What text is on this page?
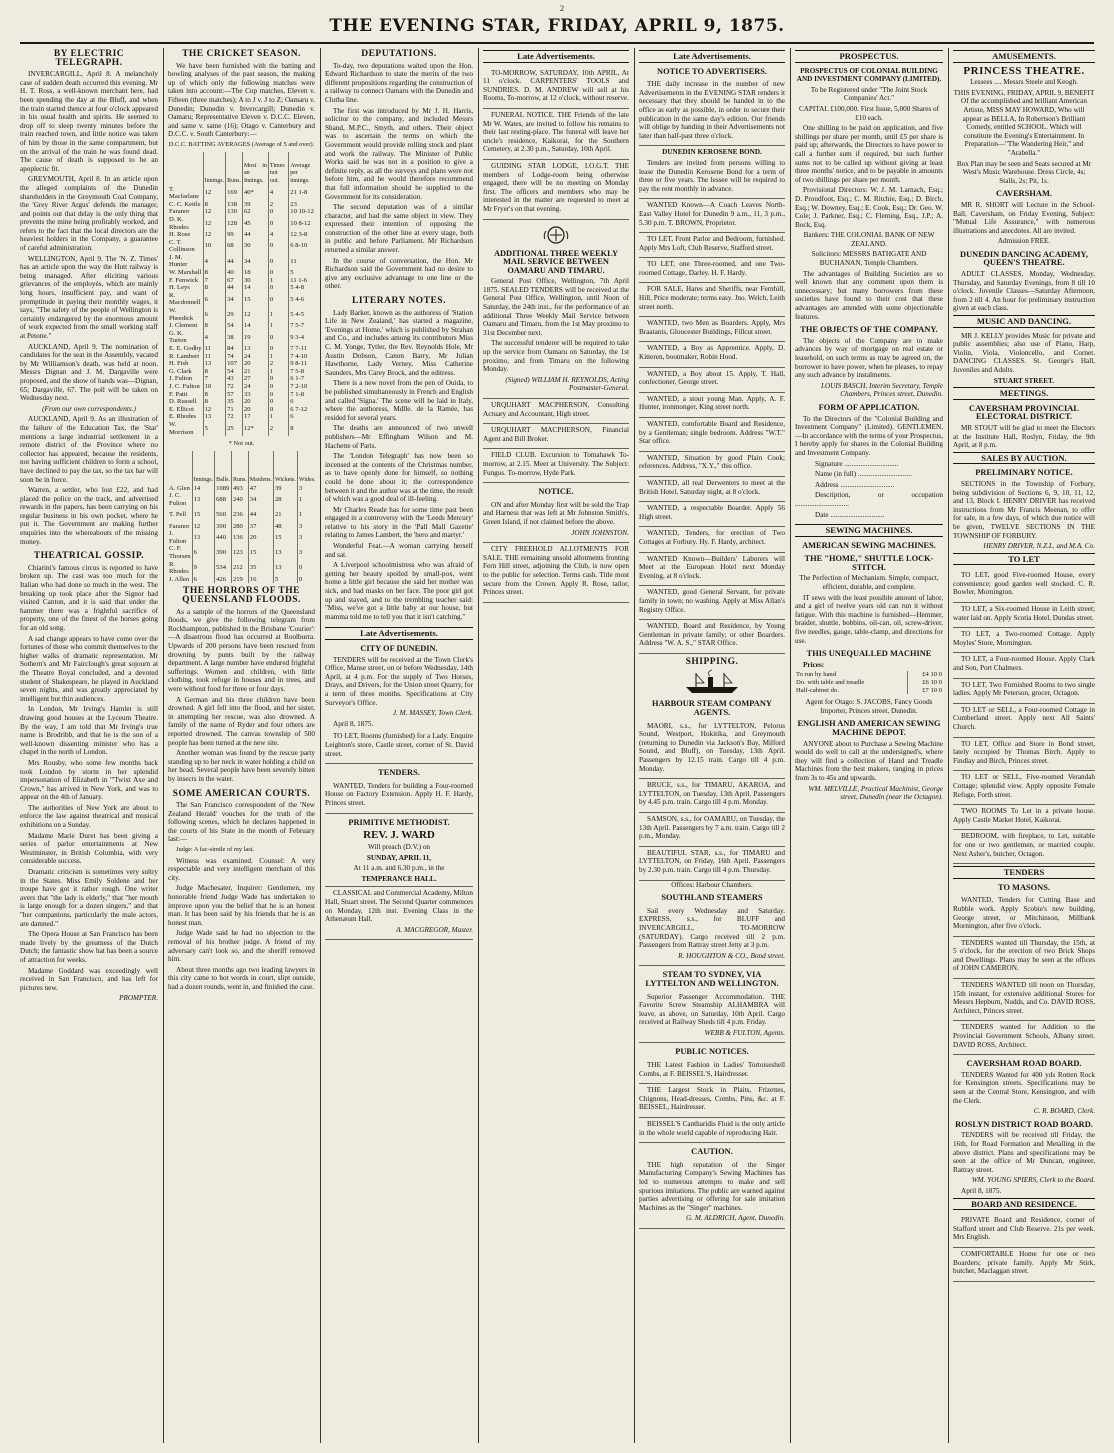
2
THE EVENING STAR, FRIDAY, APRIL 9, 1875.
BY ELECTRIC TELEGRAPH.

INVERCARGILL, April 8. A melancholy case of sudden death occurred this evening. Mr H. T. Ross, a well-known merchant here, had been spending the day at the Bluff, and when the train started thence at four o'clock appeared in his usual health and spirits. He seemed to drop off to sleep twenty minutes before the train reached town, and little notice was taken of him by those in the same compartment, but on the arrival of the train he was found dead. The cause of death is supposed to be an apoplectic fit.

GREYMOUTH, April 8. In an article upon the alleged complaints of the Dunedin shareholders in the Greymouth Coal Company, the 'Grey River Argus' defends the manager, and points out that delay is the only thing that prevents the mine being profitably worked, and refers to the fact that the local directors are the heaviest holders in the Company, a guarantee of careful administration.

WELLINGTON, April 9. The 'N. Z. Times' has an article upon the way the Hutt railway is being managed. After eliciting various grievances of the employés, which are mainly long hours, insufficient pay, and want of promptitude in paying their monthly wages, it says, "The safety of the people of Wellington is certainly endangered by the enormous amount of work expected from the small working staff at Petone."

AUCKLAND, April 9. The nomination of candidates for the seat in the Assembly, vacated by Mr Williamson's death, was held at noon. Messrs Dignan and J. M. Dargaville were proposed, and the show of hands was—Dignan, 65; Dargaville, 67. The poll will be taken on Wednesday next.

(From our own correspondents.)

AUCKLAND, April 9. As an illustration of the failure of the Education Tax, the 'Star' mentions a large industrial settlement in a remote district of the Province where no collector has appeared, because the residents, not having sufficient children to form a school, have declined to pay the tax, so the tax bar will soon be in force.

Warren, a settler, who lost £22, and had placed the police on the track, and advertised rewards in the papers, has been carrying on his regular business in his own pocket, where he put it. The Government are making further enquiries into the whereabouts of the missing money.

THEATRICAL GOSSIP.

Chiarini's famous circus is reported to have broken up. The cast was too much for the Italian who had done so much in the west. The breaking up took place after the Signor had visited Canton, and it is said that under the hammer there was a frightful sacrifice of property, one of the finest of the horses going for an old song.

A sad change appears to have come over the fortunes of those who commit themselves to the higher walks of dramatic representation. Mr Sothern's and Mr Fairclough's great sojourn at the Theatre Royal concluded, and a devoted student of Shakespeare, he played in Auckland seven nights, and was greatly appreciated by intelligent but thin audiences.

In London, Mr Irving's Hamlet is still drawing good houses at the Lyceum Theatre. By the way, I am told that Mr Irving's true name is Brodribb, and that he is the son of a well-known dissenting minister who has a chapel in the north of London.

Mrs Rousby, who some few months back took London by storm in her splendid impersonation of Elizabeth in "'Twixt Axe and Crown," has arrived in New York, and was to appear on the 4th of January.

The authorities of New York are about to enforce the law against theatrical and musical exhibitions on a Sunday.

Madame Marie Duret has been giving a series of parlor entertainments at New Westminster, in British Columbia, with very considerable success.

Dramatic criticism is sometimes very sultry in the States. Miss Emily Soldene and her troupe have got it rather rough. One writer avers that "the lady is elderly," that "her mouth is large enough for a dozen singers," and that "her companions, particularly the male actors, are damned."

The Opera House at San Francisco has been made lively by the greatness of the Dutch Dutch; the fantastic show hat has been a source of attraction for weeks.

Madame Goddard was exceedingly well received in San Francisco, and has left for pictures new.

PROMPTER.

THE CRICKET SEASON.

We have been furnished with the batting and bowling analyses of the past season, the making up of which only the following matches were taken into account:—The Cup matches, Eleven v. Fifteen (three matches); A to J v. J to Z; Oamaru v. Dunedin; Dunedin v. Invercargill; Dunedin v. Oamaru; Representative Eleven v. D.C.C. Eleven, and same v. same (16); Otago v. Canterbury and D.C.C. v. South Canterbury:—

D.C.C. BATTING AVERAGES (Average of 5 and over).

	Innings.	Runs.	Most in an Innings.	Times not out.	Average per innings.
T. Macfarlane	12	169	40*	4	21 1-8
C. C. Kettle	8	138	39	2	23
Faranor	12	130	62	0	10 10-12
D. K. Rhodes	12	128	45	0	10 8-12
H. Rose	12	99	44	4	12 3-8
C. T. Collinson	10	68	30	0	6 8-10
J. M. Hunter	4	44	34	0	11
W. Marshall	8	40	18	0	5
F. Fenwick	7	67	30	1	11 1-6
H. Leys	8	44	14	0	5 4-8
R. Macdonnell	6	34	15	0	5 4-6
W. Pheedick	6	29	12	1	5 4-5
J. Clement	8	54	14	1	7 5-7
G. K. Turton	4	38	19	0	9 3-4
E. E. Godby	11	84	13	0	7 7-11
R. Lambert	11	74	24	1	7 4-10
H. Fish	13	107	20	2	9 8-11
G. Clark	8	54	21	1	7 5-8
J. Fulton	7	43	27	0	6 1-7
J. C. Fulton	10	72	24	0	7 2-10
F. Patti	8	57	33	0	7 1-8
D. Russell	8	35	20	0	6
E. Ellicot	12	71	20	0	6 7-12
E. Rhodes	13	72	17	1	6
W. Morrison	5	25	12*	2	8

* Not out.

	Innings.	Balls.	Runs.	Maidens.	Wickets.	Wides.		
A. Glen	14	1089	493	47	39	3		
J. C. Fulton	13	688	240	34	28	1		
T. Pell	15	560	236	44	21	1		
Faranor	12	390	280	37	48	3		
J. Fulton	13	440	136	20	15	3		
C. F. Thorsen	6	390	123	15	13	3		
R. Rhodes	9	534	212	35	13	0		
J. Allen	6	426	219	16	5	0		
THE HORRORS OF THE QUEENSLAND FLOODS.

As a sample of the horrors of the Queensland floods, we give the following telegram from Rockhampton, published in the Brisbane 'Courier':—A disastrous flood has occurred at Roolburra. Upwards of 200 persons have been rescued from drowning by punts built by the railway department. A large number have endured frightful sufferings. Women and children, with little clothing, took refuge in houses and in trees, and were without food for three or four days.

A German and his three children have been drowned. A girl fell into the flood, and her sister, in attempting her rescue, was also drowned. A family of the name of Ryder and four others are reported drowned. The canvas township of 500 people has been turned at the new site.

Another woman was found by the rescue party standing up to her neck in water holding a child on her head. Several people have been severely bitten by insects in the water.

SOME AMERICAN COURTS.

The San Francisco correspondent of the 'New Zealand Herald' vouches for the truth of the following scenes, which he declares happened in the courts of his State in the month of February last:—

Judge: A fac-simile of my last.

Witness was examined. Counsel: A very respectable and very intelligent merchant of this city.

Judge Machesater, Inquirer: Gentlemen, my honorable friend Judge Wade has undertaken to improve upon you the belief that he is an honest man. It has been said by his friends that he is an honest man.

Judge Wade said he had no objection to the removal of his brother judge. A friend of my adversary can't look so, and the sheriff removed him.

About three months ago two leading lawyers in this city came to hot words in court, slipt outside, had a dozen rounds, went in, and finished the case.

DEPUTATIONS.

To-day, two deputations waited upon the Hon. Edward Richardson to state the merits of the two different propositions regarding the construction of a railway to connect Oamaru with the Dunedin and Clutha line.

The first was introduced by Mr J. H. Harris, solicitor to the company, and included Messrs Shand, M.P.C., Smyth, and others. Their object was to ascertain the terms on which the Government would provide rolling stock and plant and work the railway. The Minister of Public Works said he was not in a position to give a definite reply, as all the surveys and plans were not before him, and he would therefore recommend that full information should be supplied to the Government for its consideration.

The second deputation was of a similar character, and had the same object in view. They expressed their intention of opposing the construction of the other line at every stage, both in public and before Parliament. Mr Richardson returned a similar answer.

In the course of conversation, the Hon. Mr Richardson said the Government had no desire to give any exclusive advantage to one line or the other.

LITERARY NOTES.

Lady Barker, known as the authoress of 'Station Life in New Zealand,' has started a magazine, 'Evenings at Home,' which is published by Strahan and Co., and includes among its contributors Miss C. M. Yonge, Tytler, the Rev. Reynolds Hole, Mr Austin Dobson, Canon Barry, Mr Julian Hawthorne, Lady Verney, Miss Catherine Saunders, Mrs Carey Brock, and the editress.

There is a new novel from the pen of Ouida, to be published simultaneously in French and English and called 'Signa.' The scene will be laid in Italy, where the authoress, Mdlle. de la Ramée, has resided for several years.

The deaths are announced of two unwell publishers—Mr Effingham Wilson and M. Hachette of Paris.

The 'London Telegraph' has now been so incensed at the contents of the Christmas number, as to have openly done for himself, so nothing could be done about it; the correspondence between it and the author was at the time, the result of which was a good deal of ill-feeling.

Mr Charles Reade has for some time past been engaged in a controversy with the 'Leeds Mercury' relative to his story in the 'Pall Mall Gazette' relating to James Lambert, the 'hero and martyr.'

Wonderful Feat.—A woman carrying herself and sat.

A Liverpool schoolmistress who was afraid of getting her beauty spoiled by small-pox, went home a little girl because she said her mother was sick, and had masks on her face. The poor girl got up and stayed, and to the trembling teacher said: "Miss, we've got a little baby at our house, but mamma told me to tell you that it isn't catching."

Late Advertisements.
CITY OF DUNEDIN.

TENDERS will be received at the Town Clerk's Office, Manse street, on or before Wednesday, 14th April, at 4 p.m. For the supply of Two Horses, Drays, and Drivers, for the Union street Quarry, for a term of three months. Specifications at City Surveyor's Office.

J. M. MASSEY, Town Clerk.

April 8, 1875.

TO LET, Rooms (furnished) for a Lady. Enquire Leighton's store, Castle street, corner of St. David street.

TENDERS.

WANTED, Tenders for building a Four-roomed House on Factory Extension. Apply H. F. Hardy, Princes street.

PRIMITIVE METHODIST.

REV. J. WARD

Will preach (D.V.) on

SUNDAY, APRIL 11,

At 11 a.m. and 6.30 p.m., in the

TEMPERANCE HALL.

CLASSICAL and Commercial Academy, Milton Hall, Stuart street. The Second Quarter commences on Monday, 12th inst. Evening Class in the Athenæum Hall.

A. MACGREGOR, Master.

Late Advertisements.

TO-MORROW, SATURDAY, 10th APRIL, At 11 o'clock. CARPENTERS' TOOLS and SUNDRIES. D. M. ANDREW will sell at his Rooms, To-morrow, at 12 o'clock, without reserve.

FUNERAL NOTICE. THE Friends of the late Mr W. Wates, are invited to follow his remains to their last resting-place. The funeral will leave her uncle's residence, Kaikorai, for the Southern Cemetery, at 2.30 p.m., Saturday, 10th April.

GUIDING STAR LODGE, I.O.G.T. THE members of Lodge-room being otherwise engaged, there will be no meeting on Monday first. The officers and members who may be interested in the matter are requested to meet at Mr Fryer's on that evening.

ADDITIONAL THREE WEEKLY MAIL SERVICE BETWEEN OAMARU AND TIMARU.

General Post Office, Wellington, 7th April 1875. SEALED TENDERS will be received at the General Post Office, Wellington, until Noon of Saturday, the 24th inst., for the performance of an additional Three Weekly Mail Service between Oamaru and Timaru, from the 1st May proximo to 31st December next.

The successful tenderer will be required to take up the service from Oamaru on Saturday, the 1st proximo, and from Timaru on the following Monday.

(Signed) WILLIAM H. REYNOLDS, Acting Postmaster-General.

URQUHART MACPHERSON, Consulting Actuary and Accountant, High street.

URQUHART MACPHERSON, Financial Agent and Bill Broker.

FIELD CLUB. Excursion to Tomahawk To-morrow, at 2.15. Meet at University. The Subject: Fungus. To-morrow, Hyde Park.

NOTICE.

ON and after Monday first will be sold the Trap and Harness that was left at Mr Johnston Smith's, Green Island, if not claimed before the above.

JOHN JOHNSTON.

CITY FREEHOLD ALLOTMENTS FOR SALE. THE remaining unsold allotments fronting Fern Hill street, adjoining the Club, is now open to the public for selection. Terms cash. Title most secure from the Crown. Apply R. Rose, tailor, Princes street.

Late Advertisements.
NOTICE TO ADVERTISERS.

THE daily increase in the number of new Advertisements in the EVENING STAR renders it necessary that they should be handed in to the office as early as possible, in order to secure their publication in the same day's edition. Our friends will oblige by handing in their Advertisements not later than half-past three o'clock.

DUNEDIN KEROSENE BOND.

Tenders are invited from persons willing to lease the Dunedin Kerosene Bond for a term of three or five years. The lessee will be required to pay the rent monthly in advance.

WANTED Known—A Coach Leaves North-East Valley Hotel for Dunedin 9 a.m., 11, 3 p.m., 5.30 p.m. T. BROWN, Proprietor.

TO LET, Front Parlor and Bedroom, furnished. Apply Mrs Loft, Club Reserve, Stafford street.

TO LET, one Three-roomed, and one Two-roomed Cottage, Darley. H. F. Hardy.

FOR SALE, Hares and Sheriffs, near Fernhill, Hill, Price moderate; terms easy. Jno. Welch, Leith street north.

WANTED, two Men as Boarders. Apply, Mrs Braatanis, Gloucester Buildings, Fillcut street.

WANTED, a Boy as Apprentice. Apply, D. Kitteren, bootmaker, Robin Hood.

WANTED, a Boy about 15. Apply, T. Hall, confectioner, George street.

WANTED, a stout young Man. Apply, A. F. Hunter, ironmonger, King street north.

WANTED, comfortable Board and Residence, by a Gentleman; single bedroom. Address "W.T." Star office.

WANTED, Situation by good Plain Cook; references. Address, "X.Y.," this office.

WANTED, all real Derwenters to meet at the British Hotel, Saturday night, at 8 o'clock.

WANTED, a respectable Boarder. Apply 56 High street.

WANTED, Tenders, for erection of Two Cottages at Forbury. Hy. F. Hardy, architect.

WANTED Known—Builders' Laborers will Meet at the European Hotel next Monday Evening, at 8 o'clock.

WANTED, good General Servant, for private family in town; no washing. Apply at Miss Allan's Registry Office.

WANTED, Board and Residence, by Young Gentleman in private family; or other Boarders. Address "W. A. S.," STAR Office.

SHIPPING.
HARBOUR STEAM COMPANY AGENTS.

MAORI, s.s., for LYTTELTON, Pelorus Sound, Westport, Hokitika, and Greymouth (returning to Dunedin via Jackson's Bay, Milford Sound, and Bluff), on Tuesday, 13th April. Passengers by 12.15 train. Cargo till 4 p.m. Monday.

BRUCE, s.s., for TIMARU, AKAROA, and LYTTELTON, on Tuesday, 13th April. Passengers by 4.45 p.m. train. Cargo till 4 p.m. Monday.

SAMSON, s.s., for OAMARU, on Tuesday, the 13th April. Passengers by 7 a.m. train. Cargo till 2 p.m., Monday.

BEAUTIFUL STAR, s.s., for TIMARU and LYTTELTON, on Friday, 16th April. Passengers by 2.30 p.m. train. Cargo till 4 p.m. Thursday.

Offices: Harbour Chambers.

SOUTHLAND STEAMERS

Sail every Wednesday and Saturday. EXPRESS, s.s., for BLUFF and INVERCARGILL, TO-MORROW (SATURDAY). Cargo received till 2 p.m. Passengers from Rattray street Jetty at 3 p.m.

R. HOUGHTON & CO., Bond street.

STEAM TO SYDNEY, VIA LYTTELTON AND WELLINGTON.

Superior Passenger Accommodation. THE Favorite Screw Steamship ALHAMBRA will leave, as above, on Saturday, 10th April. Cargo received at Railway Sheds till 4 p.m. Friday.

WEBB & FULTON, Agents.

PUBLIC NOTICES.

THE Latest Fashion in Ladies' Tortoiseshell Combs, at F. BEISSEL'S, Hairdresser.

THE Largest Stock in Plaits, Frizettes, Chignons, Head-dresses, Combs, Pins, &c. at F. BEISSEL, Hairdresser.

BEISSEL'S Cantharidis Fluid is the only article in the whole world capable of reproducing Hair.

CAUTION.

THE high reputation of the Singer Manufacturing Company's Sewing Machines has led to numerous attempts to make and sell spurious imitations. The public are warned against parties advertising or offering for sale imitation Machines as the "Singer" machines.

G. M. ALDRICH, Agent, Dunedin.

PROSPECTUS.

PROSPECTUS OF COLONIAL BUILDING AND INVESTMENT COMPANY (LIMITED).

To be Registered under "The Joint Stock Companies' Act."

CAPITAL £100,000. First Issue, 5,000 Shares of £10 each.

One shilling to be paid on application, and five shillings per share per month, until £5 per share is paid up; afterwards, the Directors to have power to call a further sum if required, but such further sums not to be called up without giving at least three months' notice, and to be payable in amounts of two shillings per share per month.

Provisional Directors: W. J. M. Larnach, Esq.; D. Proudfoot, Esq.; C. M. Ritchie, Esq.; D. Birch, Esq.; W. Downey, Esq.; E. Cook, Esq.; Dr. Geo. W. Cole; J. Parkner, Esq.; C. Fleming, Esq., J.P.; A. Bock, Esq.

Bankers: THE COLONIAL BANK OF NEW ZEALAND.

Solicitors: MESSRS BATHGATE AND BUCHANAN, Temple Chambers.

The advantages of Building Societies are so well known that any comment upon them is unnecessary; but many borrowers from these societies have found to their cost that these advantages are attended with some objectionable features.

THE OBJECTS OF THE COMPANY.

The objects of the Company are to make advances by way of mortgage on real estate or leasehold, on such terms as may be agreed on, the borrower to have power, when he pleases, to repay any such advance by instalments.

LOUIS BASCH, Interim Secretary, Temple Chambers, Princes street, Dunedin.

FORM OF APPLICATION.

To the Directors of the "Colonial Building and Investment Company" (Limited). GENTLEMEN,—In accordance with the terms of your Prospectus, I hereby apply for shares in the Colonial Building and Investment Company.

Signature ..............................

Name (in full) ..............................

Address ..............................

Description, or occupation ..............................

Date ..............................

SEWING MACHINES.
AMERICAN SEWING MACHINES.
THE "HOME," SHUTTLE LOCK-STITCH.

The Perfection of Mechanism. Simple, compact, efficient, durable, and complete.

IT sews with the least possible amount of labor, and a girl of twelve years old can run it without fatigue. With this machine is furnished—Hemmer, braider, shuttle, bobbins, oil-can, oil, screw-driver, five needles, gauge, table-clamp, and directions for use.

THIS UNEQUALLED MACHINE

Prices:

To run by hand	£4 10 0
Do. with table and treadle	£6 10 0
Half-cabinet do.	£7 10 0

Agent for Otago: S. JACOBS, Fancy Goods Importer, Princes street, Dunedin.

ENGLISH AND AMERICAN SEWING MACHINE DEPOT.

ANYONE about to Purchase a Sewing Machine would do well to call at the undersigned's, where they will find a collection of Hand and Treadle Machines from the best makers, ranging in prices from 3s to 45s and upwards.

WM. MELVILLE, Practical Machinist, George street, Dunedin (near the Octagon).

AMUSEMENTS.
PRINCESS THEATRE.

Lessees .... Messrs Steele and Keogh.

THIS EVENING, FRIDAY, APRIL 9, BENEFIT Of the accomplished and brilliant American Artiste, MISS MAY HOWARD, Who will appear as BELLA, In Robertson's Brilliant Comedy, entitled SCHOOL. Which will constitute the Evening's Entertainment. In Preparation—"The Wandering Heir," and "Arabella."

Box Plan may be seen and Seats secured at Mr West's Music Warehouse. Dress Circle, 4s; Stalls, 2s; Pit, 1s.

CAVERSHAM.

MR R. SHORT will Lecture in the School-Ball, Caversham, on Friday Evening, Subject: "Mutual Life Assurance," with numerous illustrations and anecdotes. All are invited.

Admission FREE.

DUNEDIN DANCING ACADEMY, QUEEN'S THEATRE.

ADULT CLASSES, Monday, Wednesday, Thursday, and Saturday Evenings, from 8 till 10 o'clock. Juvenile Classes—Saturday Afternoon, from 2 till 4. An hour for preliminary instruction given at each class.

MUSIC AND DANCING.

MR J. KELLY provides Music for private and public assemblies; also use of Piano, Harp, Violin, Viola, Violoncello, and Cornet. DANCING CLASSES. St. George's Hall, Juveniles and Adults.

STUART STREET.

MEETINGS.
CAVERSHAM PROVINCIAL ELECTORAL DISTRICT.

MR STOUT will be glad to meet the Electors at the Institute Hall, Roslyn, Friday, the 9th April, at 8 p.m.

SALES BY AUCTION.
PRELIMINARY NOTICE.

SECTIONS in the Township of Forbury, being subdivision of Sections 6, 9, 10, 11, 12, and 13, Block I. HENRY DRIVER has received instructions from Mr Francis Meenan, to offer for sale, in a few days, of which due notice will be given, TWELVE SECTIONS IN THE TOWNSHIP OF FORBURY.

HENRY DRIVER, N.Z.L. and M.A. Co.

TO LET

TO LET, good Five-roomed House, every convenience; good garden well stocked. C. R. Bowler, Mornington.

TO LET, a Six-roomed House in Leith street; water laid on. Apply Scotia Hotel, Dundas street.

TO LET, a Two-roomed Cottage. Apply Moyles' Store, Mornington.

TO LET, a Four-roomed House. Apply Clark and Son, Port Chalmers.

TO LET, Two Furnished Rooms to two single ladies. Apply Mr Peterson, grocer, Octagon.

TO LET or SELL, a Four-roomed Cottage in Cumberland street. Apply next All Saints' Church.

TO LET, Office and Store in Bond street, lately occupied by Thomas Birch. Apply to Findlay and Birch, Princes street.

TO LET or SELL, Five-roomed Verandah Cottage; splendid view. Apply opposite Female Refuge, Forth street.

TWO ROOMS To Let in a private house. Apply Castle Market Hotel, Kaikorai.

BEDROOM, with fireplace, to Let, suitable for one or two gentlemen, or married couple. Next Asher's, butcher, Octagon.

TENDERS
TO MASONS.

WANTED, Tenders for Cutting Base and Rubble work. Apply Scobie's new building, George street, or Mitchinson, Millbank Mornington, after five o'clock.

TENDERS wanted till Thursday, the 15th, at 5 o'clock, for the erection of two Brick Shops and Dwellings. Plans may be seen at the offices of JOHN CAMERON.

TENDERS WANTED till noon on Thursday, 15th instant, for extensive additional Stores for Messrs Hepburn, Nudds, and Co. DAVID ROSS, Architect, Princes street.

TENDERS wanted for Addition to the Provincial Government Schools, Albany street. DAVID ROSS, Architect.

CAVERSHAM ROAD BOARD.

TENDERS Wanted for 400 yds Rotten Rock for Kensington streets. Specifications may be seen at the Central Store, Kensington, and with the Clerk.

C. R. BOARD, Clerk.

ROSLYN DISTRICT ROAD BOARD.

TENDERS will be received till Friday, the 16th, for Road Formation and Metalling in the above district. Plans and specifications may be seen at the office of Mr Duncan, engineer, Rattray street.

WM. YOUNG SPIERS, Clerk to the Board.

April 8, 1875.

BOARD AND RESIDENCE.

PRIVATE Board and Residence, corner of Stafford street and Club Reserve. 21s per week. Mrs English.

COMFORTABLE Home for one or two Boarders; private family. Apply Mr Stirk, butcher, Maclaggan street.
